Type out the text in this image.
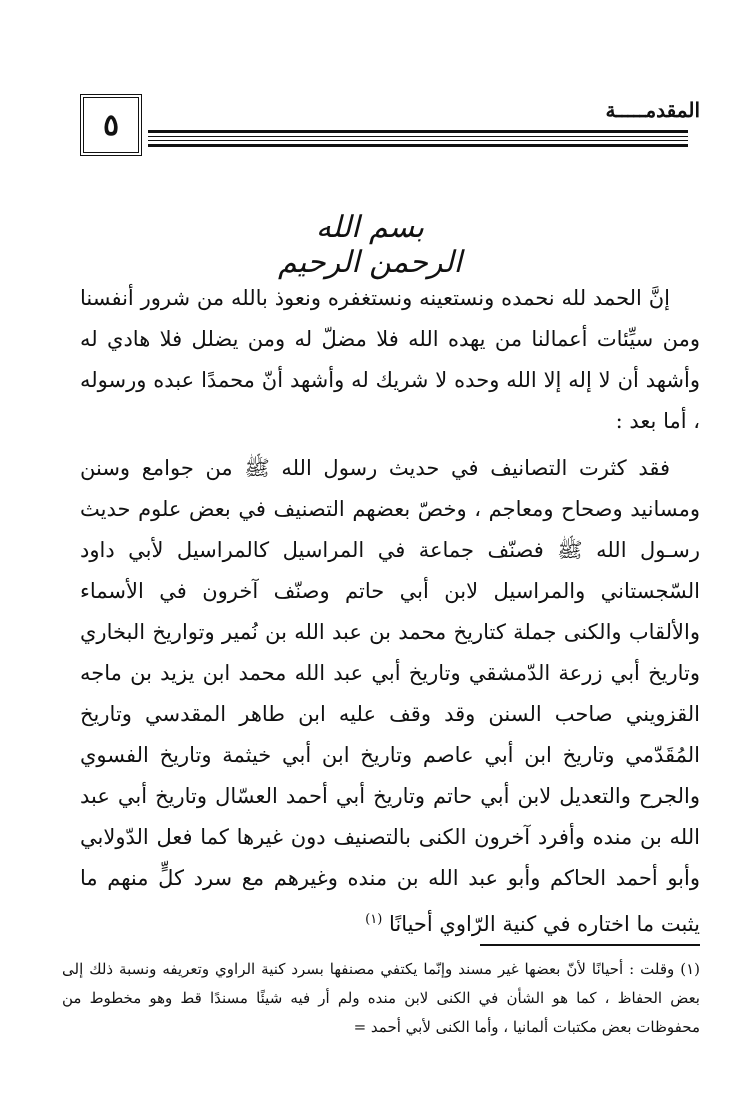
٥	المقدمـــــة
بسم الله الرحمن الرحيم

إنَّ الحمد لله نحمده ونستعينه ونستغفره ونعوذ بالله من شرور أنفسنا ومن سيِّئات أعمالنا من يهده الله فلا مضلّ له ومن يضلل فلا هادي له وأشهد أن لا إله إلا الله وحده لا شريك له وأشهد أنّ محمدًا عبده ورسوله ، أما بعد :

فقد كثرت التصانيف في حديث رسول الله ﷺ من جوامع وسنن ومسانيد وصحاح ومعاجم ، وخصّ بعضهم التصنيف في بعض علوم حديث رسـول الله ﷺ فصنّف جماعة في المراسيل كالمراسيل لأبي داود السّجستاني والمراسيل لابن أبي حاتم وصنّف آخرون في الأسماء والألقاب والكنى جملة كتاريخ محمد بن عبد الله بن نُمير وتواريخ البخاري وتاريخ أبي زرعة الدّمشقي وتاريخ أبي عبد الله محمد ابن يزيد بن ماجه القزويني صاحب السنن وقد وقف عليه ابن طاهر المقدسي وتاريخ المُقَدّمي وتاريخ ابن أبي عاصم وتاريخ ابن أبي خيثمة وتاريخ الفسوي والجرح والتعديل لابن أبي حاتم وتاريخ أبي أحمد العسّال وتاريخ أبي عبد الله بن منده وأفرد آخرون الكنى بالتصنيف دون غيرها كما فعل الدّولابي وأبو أحمد الحاكم وأبو عبد الله بن منده وغيرهم مع سرد كلٍّ منهم ما يثبت ما اختاره في كنية الرّاوي أحيانًا $^{(١)}$

(١) وقلت : أحيانًا لأنّ بعضها غير مسند وإنّما يكتفي مصنفها بسرد كنية الراوي وتعريفه ونسبة ذلك إلى بعض الحفاظ ، كما هو الشأن في الكنى لابن منده ولم أر فيه شيئًا مسندًا قط وهو مخطوط من محفوظات بعض مكتبات ألمانيا ، وأما الكنى لأبي أحمد =
